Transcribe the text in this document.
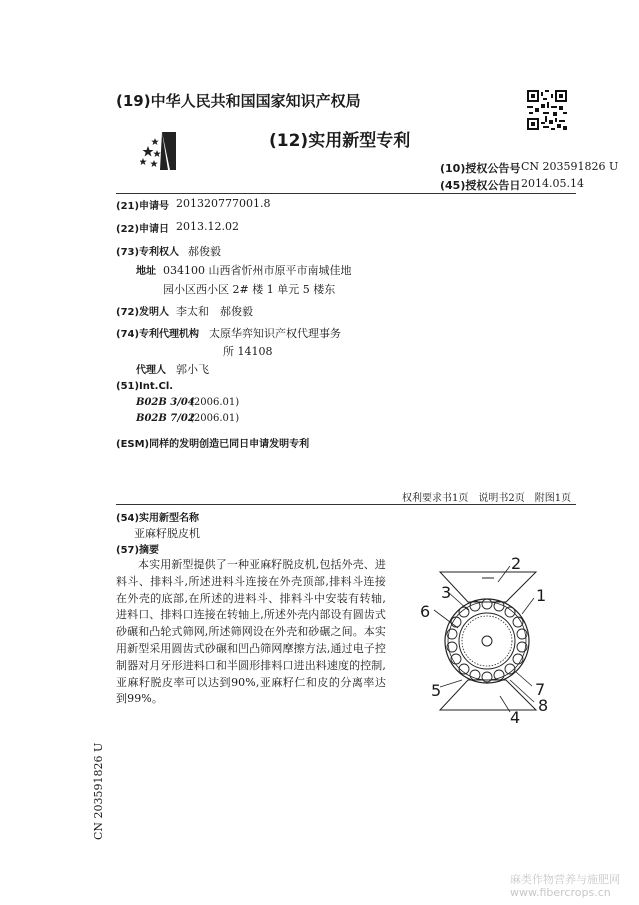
(19)中华人民共和国国家知识产权局
(12)实用新型专利
(10)授权公告号 CN 203591826 U
(45)授权公告日 2014.05.14
(21)申请号 201320777001.8
(22)申请日 2013.12.02
(73)专利权人 郝俊毅
地址 034100 山西省忻州市原平市南城佳地
园小区西小区 2# 楼 1 单元 5 楼东
(72)发明人 李太和　郝俊毅
(74)专利代理机构 太原华弈知识产权代理事务
所 14108
代理人 郭小飞
(51)Int.Cl.
B02B 3/04
(2006.01)
B02B 7/02
(2006.01)
(ESM)同样的发明创造已同日申请发明专利
权利要求书1页　说明书2页　附图1页
(54)实用新型名称
亚麻籽脱皮机
(57)摘要
本实用新型提供了一种亚麻籽脱皮机,包括外壳、进料斗、排料斗,所述进料斗连接在外壳顶部,排料斗连接在外壳的底部,在所述的进料斗、排料斗中安装有转轴,进料口、排料口连接在转轴上,所述外壳内部设有圆齿式砂碾和凸轮式筛网,所述筛网设在外壳和砂碾之间。本实用新型采用圆齿式砂碾和凹凸筛网摩擦方法,通过电子控制器对月牙形进料口和半圆形排料口进出料速度的控制,亚麻籽脱皮率可以达到90%,亚麻籽仁和皮的分离率达到99%。
2
3
6
1
5	7
8
4
CN 203591826 U
麻类作物营养与施肥网 www.fibercrops.cn
